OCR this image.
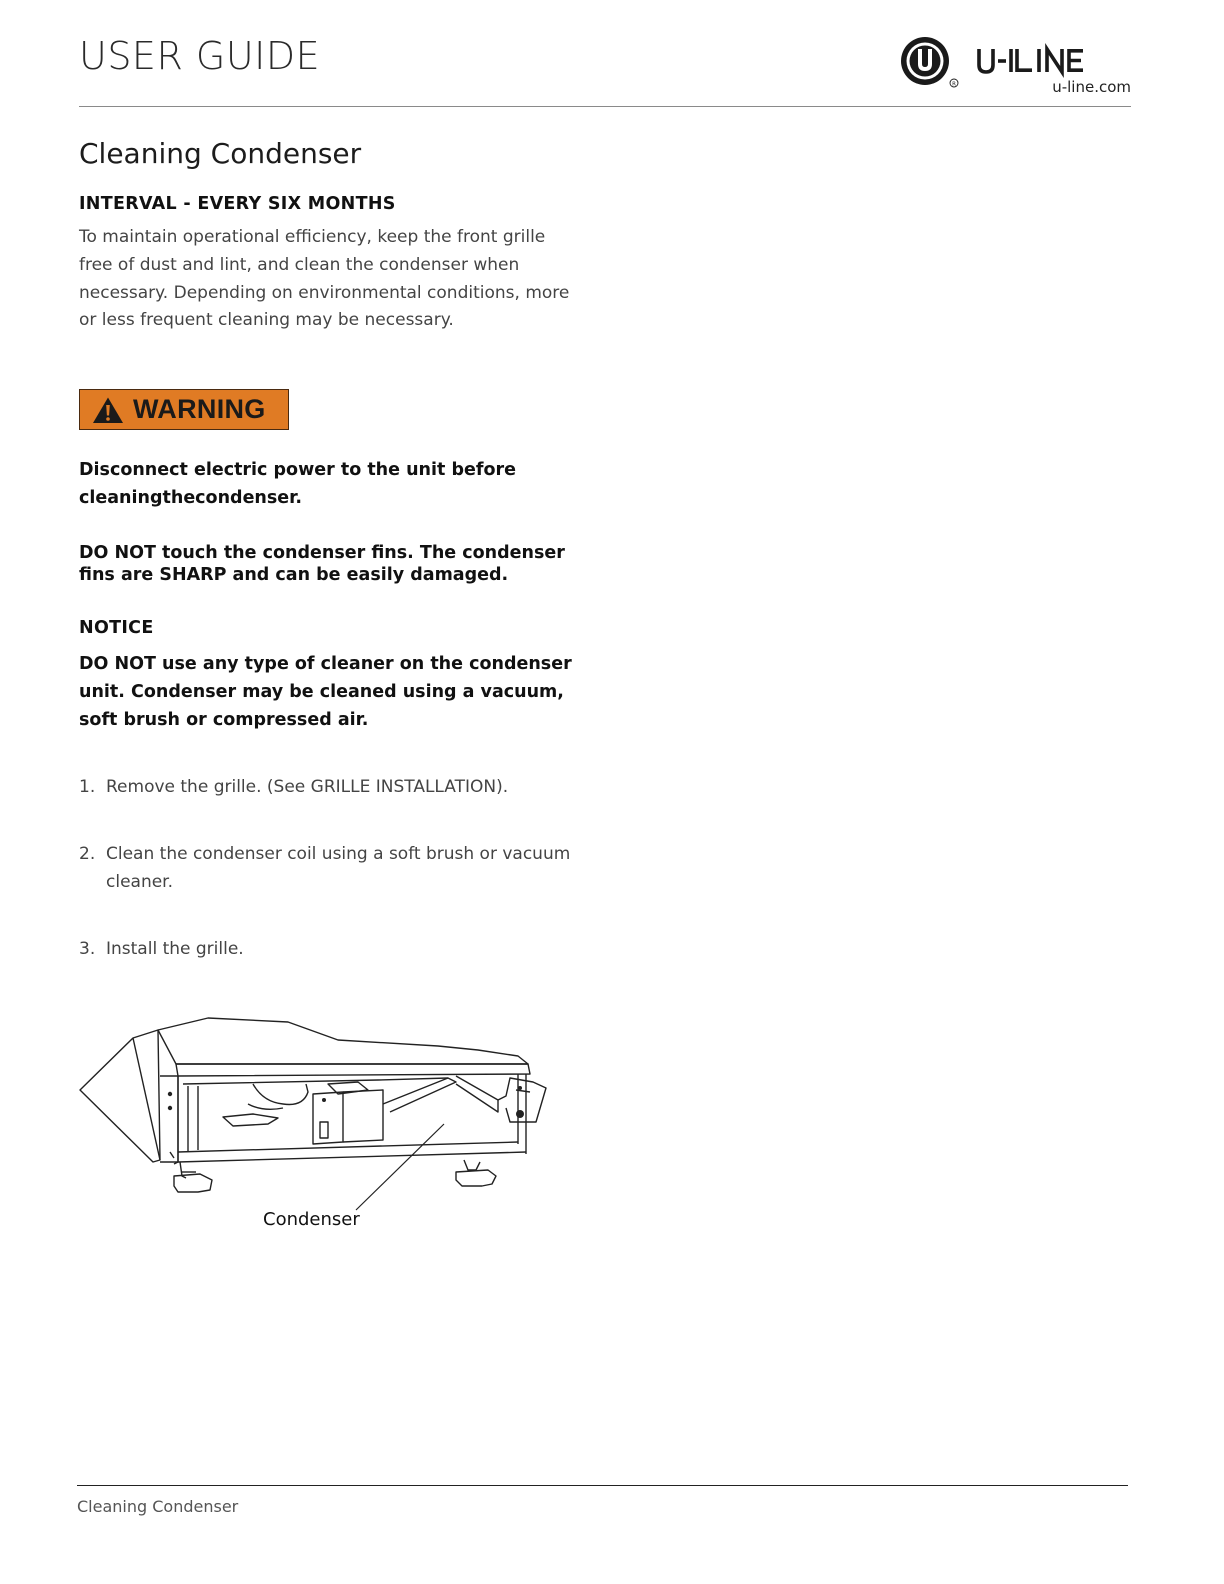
USER GUIDE
R	u-line.com
Cleaning Condenser
INTERVAL - EVERY SIX MONTHS
To maintain operational efficiency, keep the front grille free of dust and lint, and clean the condenser when necessary. Depending on environmental conditions, more or less frequent cleaning may be necessary.
WARNING
Disconnect electric power to the unit before cleaningthecondenser.
DO NOT touch the condenser fins. The condenser fins are SHARP and can be easily damaged.
NOTICE
DO NOT use any type of cleaner on the condenser unit. Condenser may be cleaned using a vacuum, soft brush or compressed air.
1. Remove the grille. (See GRILLE INSTALLATION).
2. Clean the condenser coil using a soft brush or vacuum cleaner.
3. Install the grille.
Condenser
Cleaning Condenser
